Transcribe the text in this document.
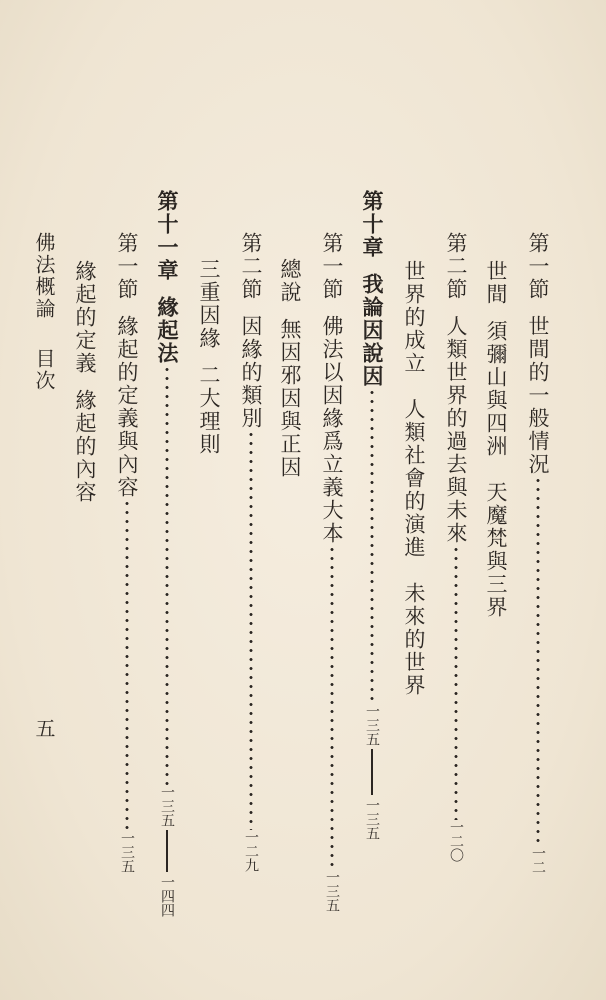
第一節
世間的一般情況
一二
世間
須彌山與四洲　天魔梵與三界
第二節
人類世界的過去與未來
一二〇
世界的成立　人類社會的演進　未來的世界
第十章
我論因說因
一三五
一三五
第一節
佛法以因緣爲立義大本
一三五
總說
無因邪因與正因
第二節
因緣的類別
一二九
三重因緣
二大理則
第十一章
緣起法
一三五
一四四
第一節
緣起的定義與內容
一三五
緣起的定義
緣起的內容
佛法概論
目次
五
